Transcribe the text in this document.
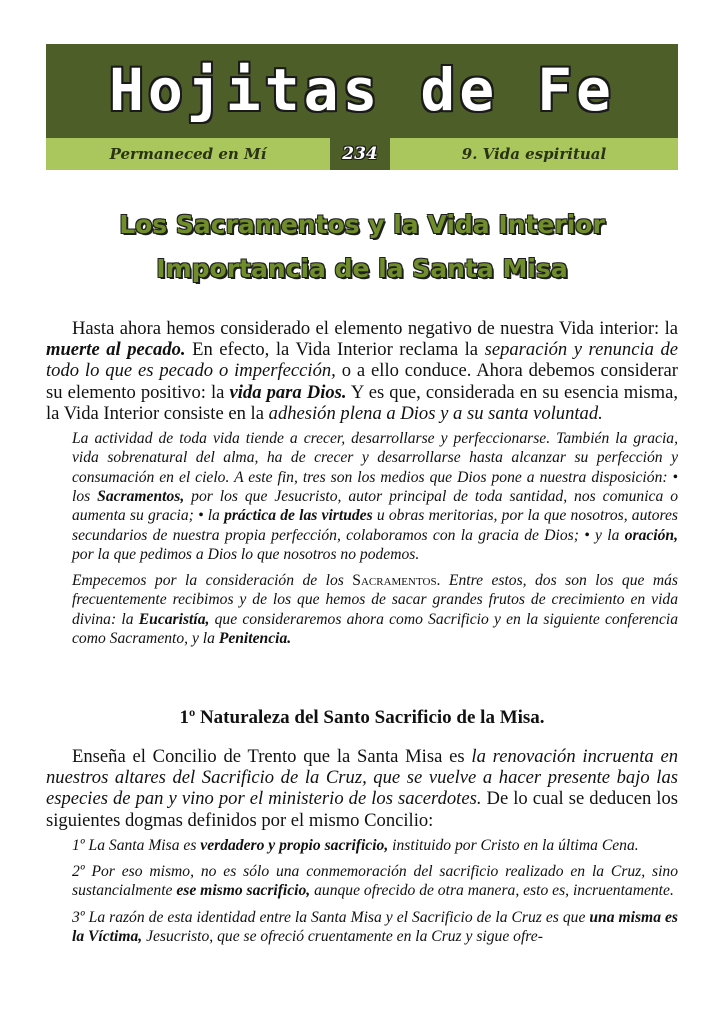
Hojitas de Fe
Permaneced en Mí	234	9. Vida espiritual
Los Sacramentos y la Vida Interior
Importancia de la Santa Misa

Hasta ahora hemos considerado el elemento negativo de nuestra Vida interior: la muerte al pecado. En efecto, la Vida Interior reclama la separación y renuncia de todo lo que es pecado o imperfección, o a ello conduce. Ahora debemos considerar su elemento positivo: la vida para Dios. Y es que, considerada en su esencia misma, la Vida Interior consiste en la adhesión plena a Dios y a su santa voluntad.

La actividad de toda vida tiende a crecer, desarrollarse y perfeccionarse. También la gracia, vida sobrenatural del alma, ha de crecer y desarrollarse hasta alcanzar su perfección y consumación en el cielo. A este fin, tres son los medios que Dios pone a nuestra disposición: • los Sacramentos, por los que Jesucristo, autor principal de toda santidad, nos comunica o aumenta su gracia; • la práctica de las virtudes u obras meritorias, por la que nosotros, autores secundarios de nuestra propia perfección, colaboramos con la gracia de Dios; • y la oración, por la que pedimos a Dios lo que nosotros no podemos.

Empecemos por la consideración de los Sacramentos. Entre estos, dos son los que más frecuentemente recibimos y de los que hemos de sacar grandes frutos de crecimiento en vida divina: la Eucaristía, que consideraremos ahora como Sacrificio y en la siguiente conferencia como Sacramento, y la Penitencia.

1º Naturaleza del Santo Sacrificio de la Misa.

Enseña el Concilio de Trento que la Santa Misa es la renovación incruenta en nuestros altares del Sacrificio de la Cruz, que se vuelve a hacer presente bajo las especies de pan y vino por el ministerio de los sacerdotes. De lo cual se deducen los siguientes dogmas definidos por el mismo Concilio:

1º La Santa Misa es verdadero y propio sacrificio, instituido por Cristo en la última Cena.

2º Por eso mismo, no es sólo una conmemoración del sacrificio realizado en la Cruz, sino sustancialmente ese mismo sacrificio, aunque ofrecido de otra manera, esto es, incruentamente.

3º La razón de esta identidad entre la Santa Misa y el Sacrificio de la Cruz es que una misma es la Víctima, Jesucristo, que se ofreció cruentamente en la Cruz y sigue ofre-
